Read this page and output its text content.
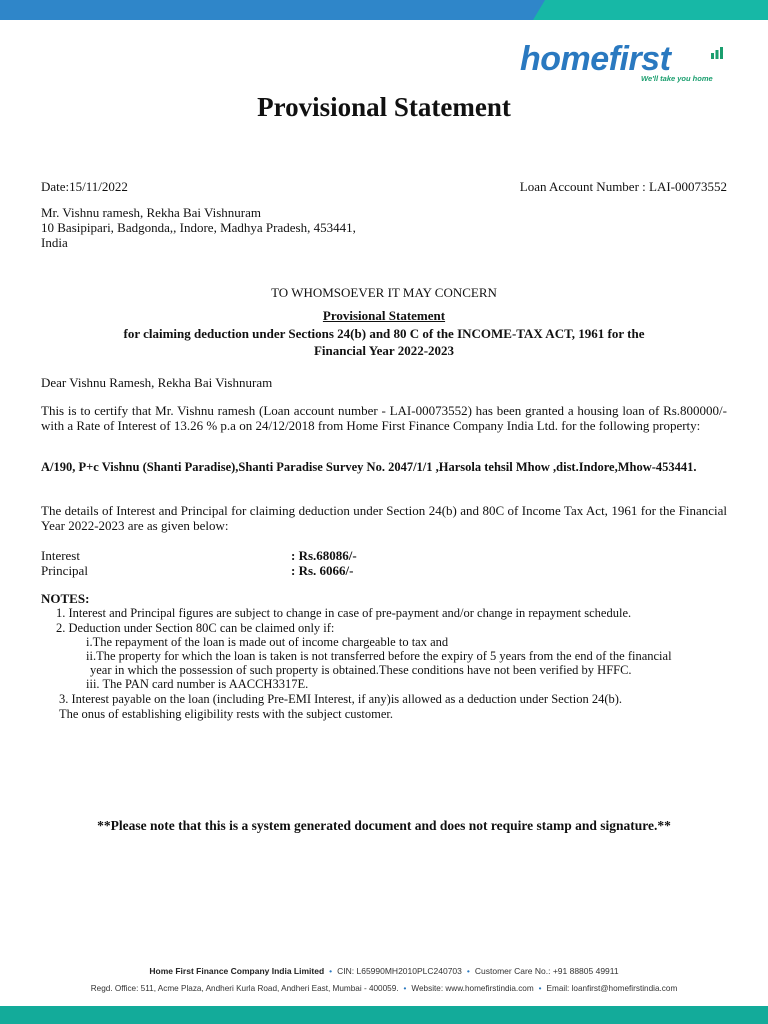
homefirst
We'll take you home
Provisional Statement
Date:15/11/2022	Loan Account Number : LAI-00073552
Mr. Vishnu ramesh, Rekha Bai Vishnuram
10 Basipipari, Badgonda,, Indore, Madhya Pradesh, 453441,
India
TO WHOMSOEVER IT MAY CONCERN
Provisional Statement
for claiming deduction under Sections 24(b) and 80 C of the INCOME-TAX ACT, 1961 for the
Financial Year 2022-2023
Dear Vishnu Ramesh, Rekha Bai Vishnuram
This is to certify that Mr. Vishnu ramesh (Loan account number - LAI-00073552) has been granted a housing loan of Rs.800000/- with a Rate of Interest of 13.26 % p.a on 24/12/2018 from Home First Finance Company India Ltd. for the following property:
A/190, P+c Vishnu (Shanti Paradise),Shanti Paradise Survey No. 2047/1/1 ,Harsola tehsil Mhow ,dist.Indore,Mhow-453441.
The details of Interest and Principal for claiming deduction under Section 24(b) and 80C of Income Tax Act, 1961 for the Financial Year 2022-2023 are as given below:
Interest	: Rs.68086/-
Principal	: Rs. 6066/-
NOTES:
1. Interest and Principal figures are subject to change in case of pre-payment and/or change in repayment schedule.
2. Deduction under Section 80C can be claimed only if:
i.The repayment of the loan is made out of income chargeable to tax and
ii.The property for which the loan is taken is not transferred before the expiry of 5 years from the end of the financial
year in which the possession of such property is obtained.These conditions have not been verified by HFFC.
iii. The PAN card number is AACCH3317E.
3. Interest payable on the loan (including Pre-EMI Interest, if any)is allowed as a deduction under Section 24(b).
The onus of establishing eligibility rests with the subject customer.
**Please note that this is a system generated document and does not require stamp and signature.**
Home First Finance Company India Limited • CIN: L65990MH2010PLC240703 • Customer Care No.: +91 88805 49911
Regd. Office: 511, Acme Plaza, Andheri Kurla Road, Andheri East, Mumbai - 400059. • Website: www.homefirstindia.com • Email: loanfirst@homefirstindia.com
